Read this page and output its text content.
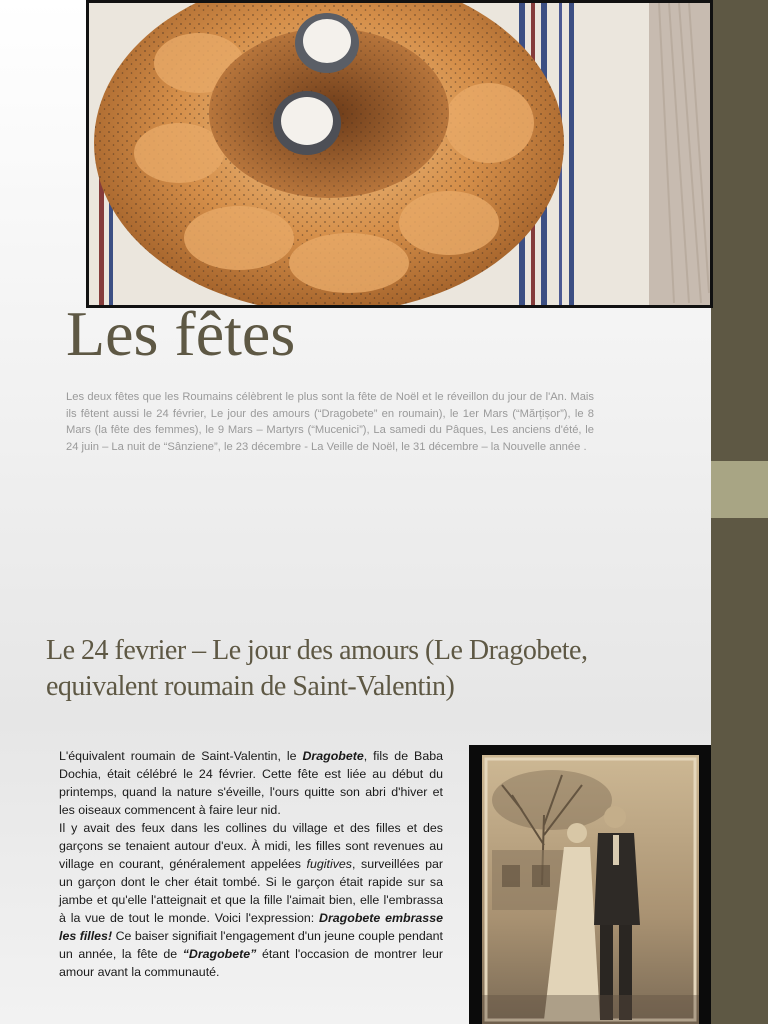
Les fêtes
Les deux fêtes que les Roumains célèbrent le plus sont la fête de Noël et le réveillon du jour de l'An. Mais ils fêtent aussi le 24 février, Le jour des amours (“Dragobete” en roumain), le 1er Mars (“Mărțișor”), le 8 Mars (la fête des femmes), le 9 Mars – Martyrs (“Mucenici”), La samedi du Pâques, Les anciens d'été, le 24 juin – La nuit de “Sânziene”, le 23 décembre - La Veille de Noël, le 31 décembre – la Nouvelle année .
Le 24 fevrier – Le jour des amours (Le Dragobete, equivalent roumain de Saint-Valentin)

L'équivalent roumain de Saint-Valentin, le Dragobete, fils de Baba Dochia, était célébré le 24 février. Cette fête est liée au début du printemps, quand la nature s'éveille, l'ours quitte son abri d'hiver et les oiseaux commencent à faire leur nid.

Il y avait des feux dans les collines du village et des filles et des garçons se tenaient autour d'eux. À midi, les filles sont revenues au village en courant, généralement appelées fugitives, surveillées par un garçon dont le cher était tombé. Si le garçon était rapide sur sa jambe et qu'elle l'atteignait et que la fille l'aimait bien, elle l'embrassa à la vue de tout le monde. Voici l'expression: Dragobete embrasse les filles! Ce baiser signifiait l'engagement d'un jeune couple pendant un année, la fête de “Dragobete” étant l'occasion de montrer leur amour avant la communauté.
